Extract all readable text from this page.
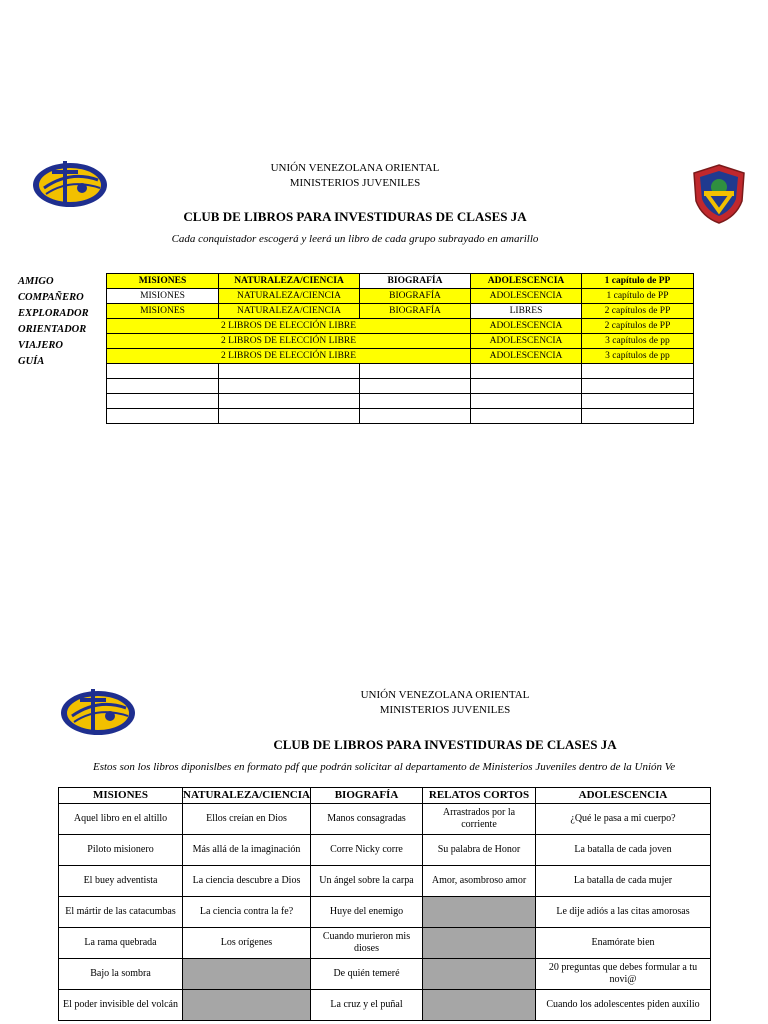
UNIÓN VENEZOLANA ORIENTAL
MINISTERIOS JUVENILES
CLUB DE LIBROS PARA INVESTIDURAS DE CLASES JA
Cada conquistador escogerá y leerá un libro de cada grupo subrayado en amarillo
AMIGO
COMPAÑERO
EXPLORADOR
ORIENTADOR
VIAJERO
GUÍA
MISIONES	NATURALEZA/CIENCIA	BIOGRAFÍA	ADOLESCENCIA	1 capítulo de PP
MISIONES	NATURALEZA/CIENCIA	BIOGRAFÍA	ADOLESCENCIA	1 capítulo de PP
MISIONES	NATURALEZA/CIENCIA	BIOGRAFÍA	LIBRES	2 capítulos de PP
2 LIBROS DE ELECCIÓN LIBRE			ADOLESCENCIA	2 capítulos de PP
2 LIBROS DE ELECCIÓN LIBRE			ADOLESCENCIA	3 capítulos de pp
2 LIBROS DE ELECCIÓN LIBRE			ADOLESCENCIA	3 capítulos de pp

UNIÓN VENEZOLANA ORIENTAL
MINISTERIOS JUVENILES
CLUB DE LIBROS PARA INVESTIDURAS DE CLASES JA
Estos son los libros diponislbes en formato pdf que podrán solicitar al departamento de Ministerios Juveniles dentro de la Unión Ve
MISIONES	NATURALEZA/CIENCIA	BIOGRAFÍA	RELATOS CORTOS	ADOLESCENCIA
Aquel libro en el altillo	Ellos creían en Dios	Manos consagradas	Arrastrados por la corriente	¿Qué le pasa a mi cuerpo?
Piloto misionero	Más allá de la imaginación	Corre Nicky corre	Su palabra de Honor	La batalla de cada joven
El buey adventista	La ciencia descubre a Dios	Un ángel sobre la carpa	Amor, asombroso amor	La batalla de cada mujer
El mártir de las catacumbas	La ciencia contra la fe?	Huye del enemigo		Le dije adiós a las citas amorosas
La rama quebrada	Los orígenes	Cuando murieron mis dioses		Enamórate bien
Bajo la sombra		De quién temeré		20 preguntas que debes formular a tu novi@
El poder invisible del volcán		La cruz y el puñal		Cuando los adolescentes piden auxilio
